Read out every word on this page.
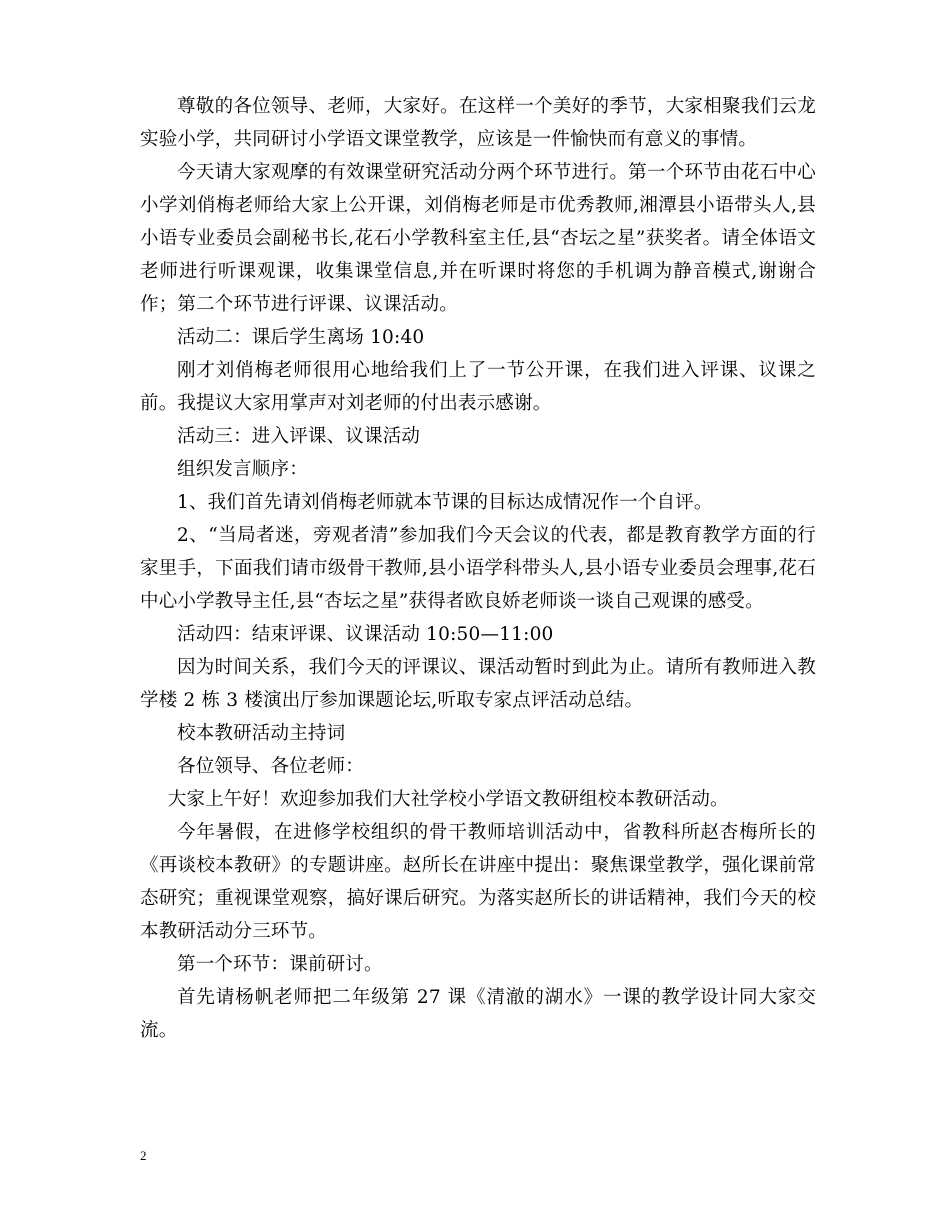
尊敬的各位领导、老师，大家好。在这样一个美好的季节，大家相聚我们云龙实验小学，共同研讨小学语文课堂教学，应该是一件愉快而有意义的事情。

今天请大家观摩的有效课堂研究活动分两个环节进行。第一个环节由花石中心小学刘俏梅老师给大家上公开课，刘俏梅老师是市优秀教师,湘潭县小语带头人,县小语专业委员会副秘书长,花石小学教科室主任,县“杏坛之星”获奖者。请全体语文老师进行听课观课，收集课堂信息,并在听课时将您的手机调为静音模式,谢谢合作；第二个环节进行评课、议课活动。

活动二：课后学生离场 10:40

刚才刘俏梅老师很用心地给我们上了一节公开课，在我们进入评课、议课之前。我提议大家用掌声对刘老师的付出表示感谢。

活动三：进入评课、议课活动

组织发言顺序：

1、我们首先请刘俏梅老师就本节课的目标达成情况作一个自评。

2、“当局者迷，旁观者清”参加我们今天会议的代表，都是教育教学方面的行家里手，下面我们请市级骨干教师,县小语学科带头人,县小语专业委员会理事,花石中心小学教导主任,县“杏坛之星”获得者欧良娇老师谈一谈自己观课的感受。

活动四：结束评课、议课活动 10:50—11:00

因为时间关系，我们今天的评课议、课活动暂时到此为止。请所有教师进入教学楼 2 栋 3 楼演出厅参加课题论坛,听取专家点评活动总结。

校本教研活动主持词

各位领导、各位老师：

大家上午好！欢迎参加我们大社学校小学语文教研组校本教研活动。

今年暑假，在进修学校组织的骨干教师培训活动中，省教科所赵杏梅所长的《再谈校本教研》的专题讲座。赵所长在讲座中提出：聚焦课堂教学，强化课前常态研究；重视课堂观察，搞好课后研究。为落实赵所长的讲话精神，我们今天的校本教研活动分三环节。

第一个环节：课前研讨。

首先请杨帆老师把二年级第 27 课《清澈的湖水》一课的教学设计同大家交流。

2
